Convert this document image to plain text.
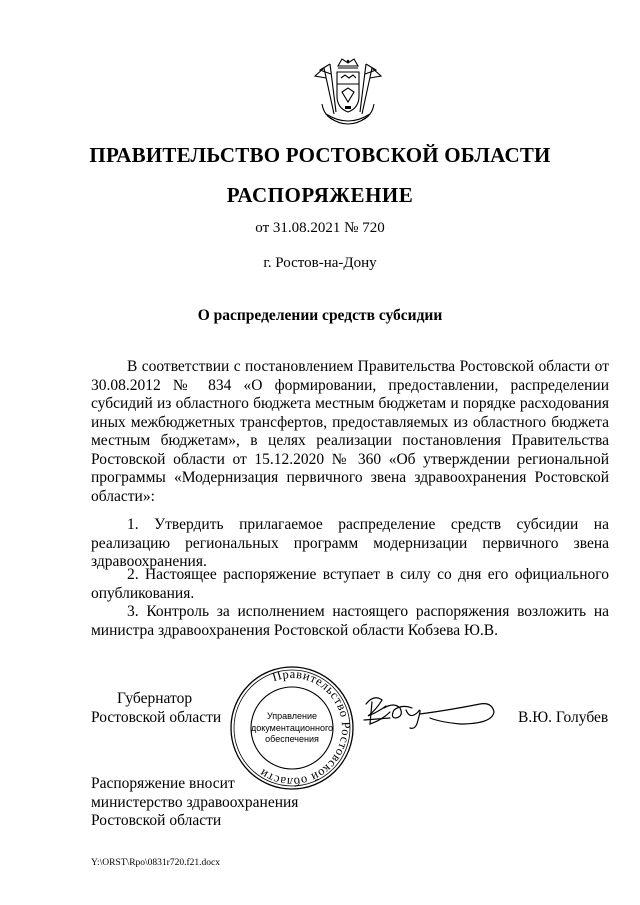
ПРАВИТЕЛЬСТВО РОСТОВСКОЙ ОБЛАСТИ
РАСПОРЯЖЕНИЕ
от 31.08.2021 № 720
г. Ростов-на-Дону
О распределении средств субсидии

В соответствии с постановлением Правительства Ростовской области от 30.08.2012 № 834 «О формировании, предоставлении, распределении субсидий из областного бюджета местным бюджетам и порядке расходования иных межбюджетных трансфертов, предоставляемых из областного бюджета местным бюджетам», в целях реализации постановления Правительства Ростовской области от 15.12.2020 № 360 «Об утверждении региональной программы «Модернизация первичного звена здравоохранения Ростовской области»:

1. Утвердить прилагаемое распределение средств субсидии на реализацию региональных программ модернизации первичного звена здравоохранения.

2. Настоящее распоряжение вступает в силу со дня его официального опубликования.

3. Контроль за исполнением настоящего распоряжения возложить на министра здравоохранения Ростовской области Кобзева Ю.В.

Губернатор
Ростовской области
Правительство Ростовской области
Управление
документационного
обеспечения
В.Ю. Голубев
Распоряжение вносит
министерство здравоохранения
Ростовской области
Y:\ORST\Rpo\0831r720.f21.docx
